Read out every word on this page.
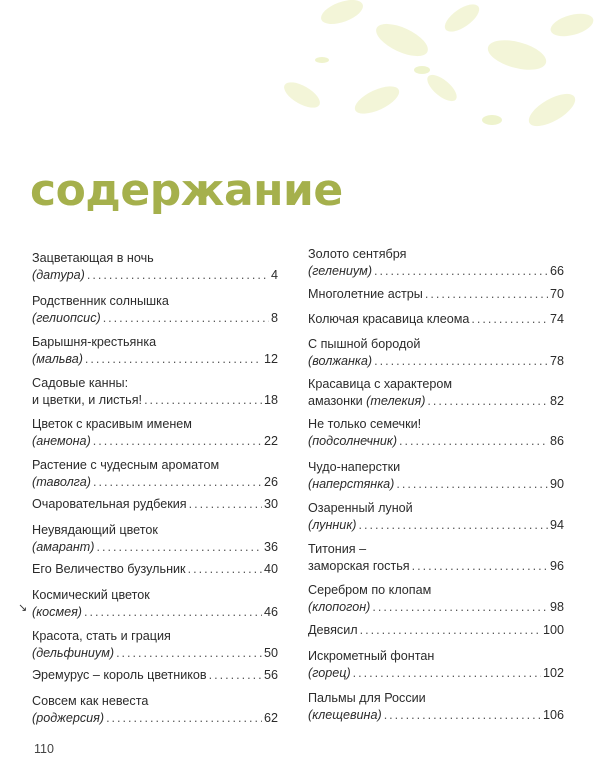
содержание
Зацветающая в ночь
(датура) .....	4
Родственник солнышка
(гелиопсис) .....	8
Барышня-крестьянка
(мальва) .....	12
Садовые канны:
и цветки, и листья! .....	18
Цветок с красивым именем
(анемона) .....	22
Растение с чудесным ароматом
(таволга) .....	26
Очаровательная рудбекия .....	30
Неувядающий цветок
(амарант) .....	36
Его Величество бузульник .....	40
Космический цветок
(космея) .....	46
Красота, стать и грация
(дельфиниум) .....	50
Эремурус – король цветников .....	56
Совсем как невеста
(роджерсия) .....	62
Золото сентября
(гелениум) .....	66
Многолетние астры .....	70
Колючая красавица клеома .....	74
С пышной бородой
(волжанка) .....	78
Красавица с характером
амазонки (телекия) .....	82
Не только семечки!
(подсолнечник) .....	86
Чудо-наперстки
(наперстянка) .....	90
Озаренный луной
(лунник) .....	94
Титония –
заморская гостья .....	96
Серебром по клопам
(клопогон) .....	98
Девясил .....	100
Искрометный фонтан
(горец) .....	102
Пальмы для России
(клещевина) .....	106
↘
110
